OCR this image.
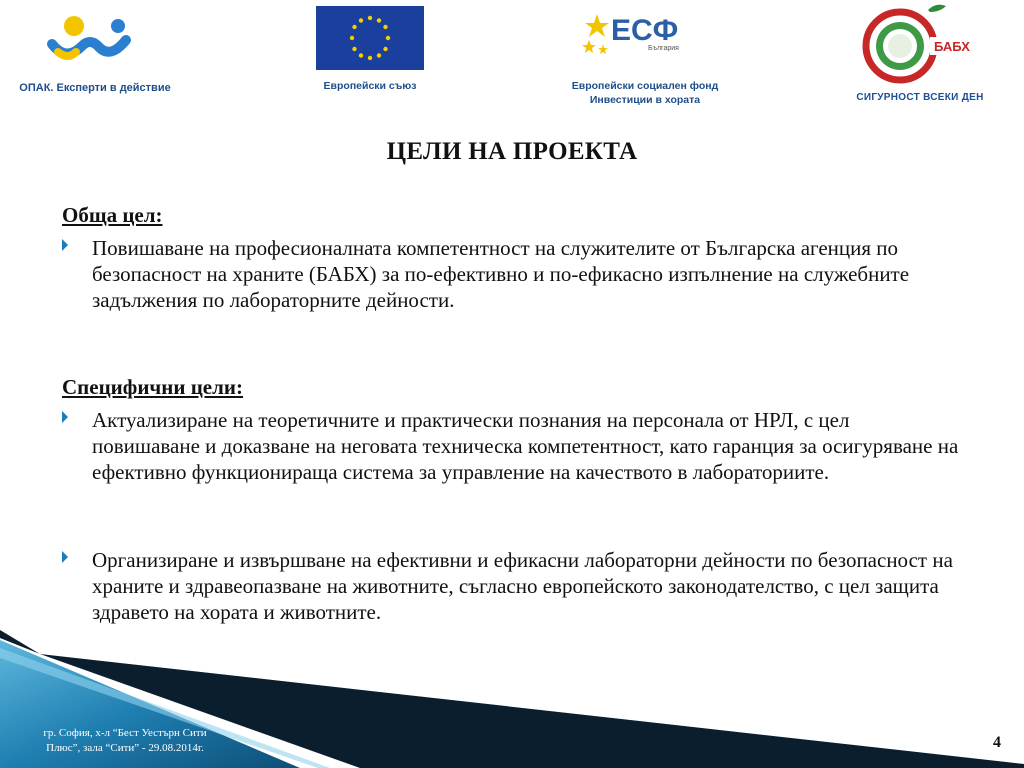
ОПАК. Експерти в действие	Европейски съюз
ЕСФ
България
Европейски социален фонд
Инвестиции в хората
БАБХ
СИГУРНОСТ ВСЕКИ ДЕН
ЦЕЛИ НА ПРОЕКТА
Обща цел:
Повишаване на професионалната компетентност на служителите от Българска агенция по безопасност на храните (БАБХ) за по-ефективно и по-ефикасно изпълнение на служебните задължения по лабораторните дейности.
Специфични цели:
Актуализиране на теоретичните и практически познания на персонала от НРЛ, с цел повишаване и доказване на неговата техническа компетентност, като гаранция за осигуряване на ефективно функционираща система за управление на качеството в лабораториите.
Организиране и извършване на ефективни и ефикасни лабораторни дейности по безопасност на храните и здравеопазване на животните, съгласно европейското законодателство, с цел защита здравето на хората и животните.
гр. София, х-л “Бест Уестърн Сити
Плюс”, зала “Сити” - 29.08.2014г.	4
